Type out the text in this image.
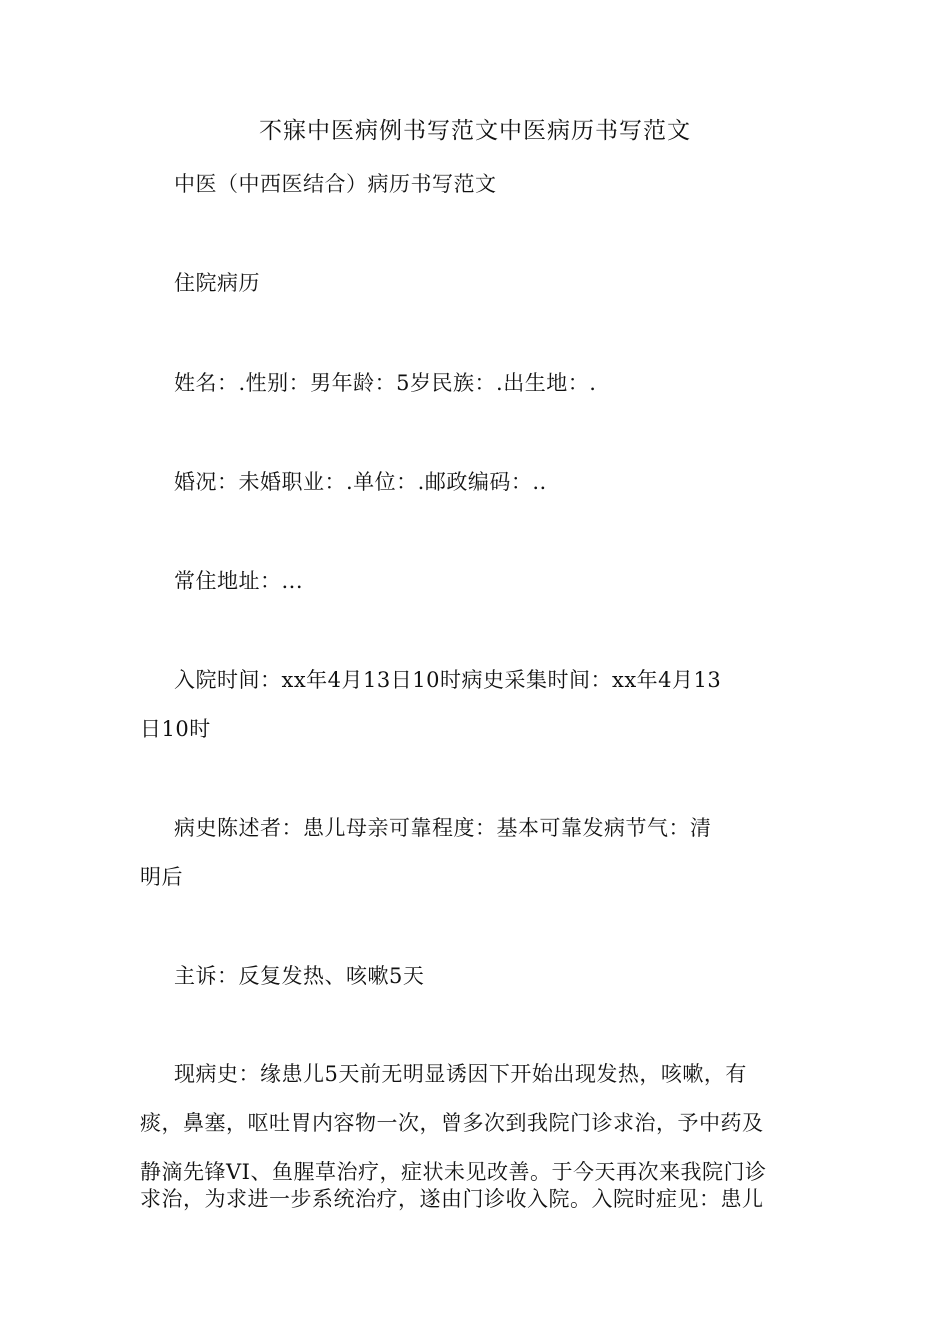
不寐中医病例书写范文中医病历书写范文
中医（中西医结合）病历书写范文
住院病历
姓名：.性别：男年龄：5岁民族：.出生地：.
婚况：未婚职业：.单位：.邮政编码：..
常住地址：...
入院时间：xx年4月13日10时病史采集时间：xx年4月13
日10时
病史陈述者：患儿母亲可靠程度：基本可靠发病节气：清
明后
主诉：反复发热、咳嗽5天
现病史：缘患儿5天前无明显诱因下开始出现发热，咳嗽，有
痰，鼻塞，呕吐胃内容物一次，曾多次到我院门诊求治，予中药及
静滴先锋VI、鱼腥草治疗，症状未见改善。于今天再次来我院门诊
求治，为求进一步系统治疗，遂由门诊收入院。入院时症见：患儿
